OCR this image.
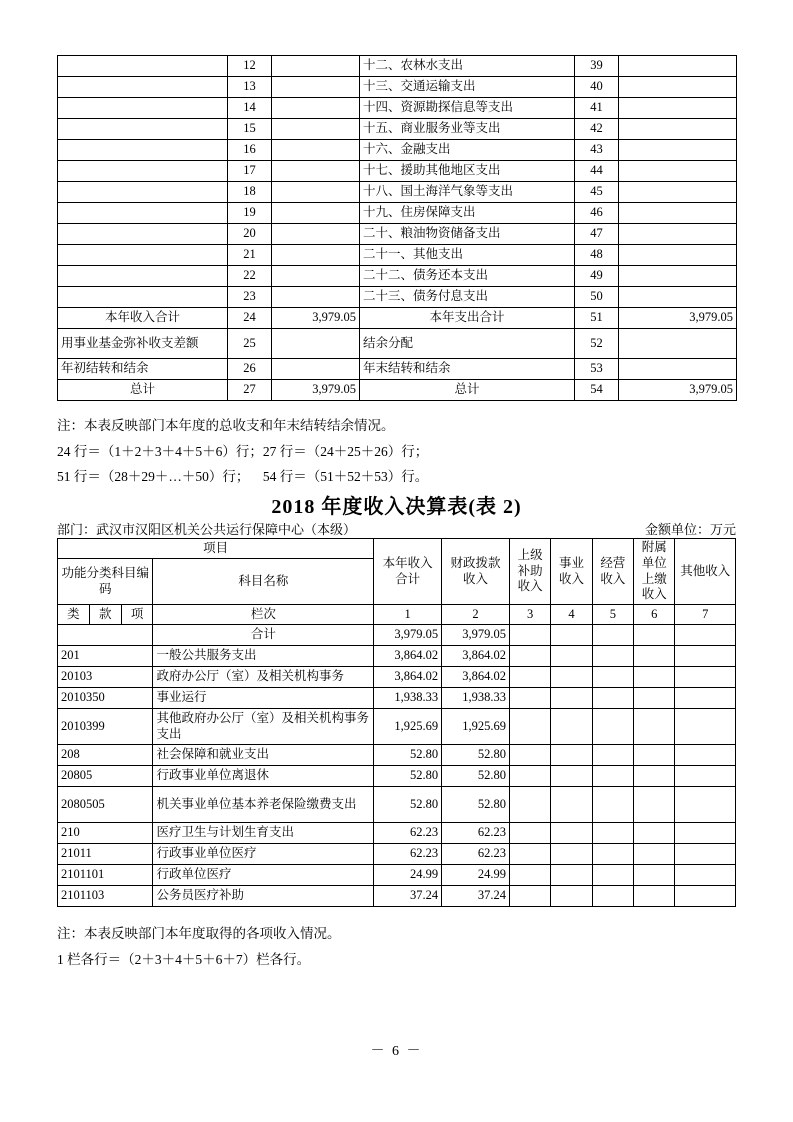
	12		十二、农林水支出	39	
	13		十三、交通运输支出	40	
	14		十四、资源勘探信息等支出	41	
	15		十五、商业服务业等支出	42	
	16		十六、金融支出	43	
	17		十七、援助其他地区支出	44	
	18		十八、国土海洋气象等支出	45	
	19		十九、住房保障支出	46	
	20		二十、粮油物资储备支出	47	
	21		二十一、其他支出	48	
	22		二十二、债务还本支出	49	
	23		二十三、债务付息支出	50	
本年收入合计	24	3,979.05	本年支出合计	51	3,979.05
用事业基金弥补收支差额	25		结余分配	52	
年初结转和结余	26		年末结转和结余	53	
总计	27	3,979.05	总计	54	3,979.05
注：本表反映部门本年度的总收支和年末结转结余情况。
24 行＝（1＋2＋3＋4＋5＋6）行；27 行＝（24＋25＋26）行；
51 行＝（28＋29＋…＋50）行；    54 行＝（51＋52＋53）行。
2018 年度收入决算表(表 2)
部门：武汉市汉阳区机关公共运行保障中心（本级）	金额单位：万元
项目				本年收入合计	财政拨款收入	上级补助收入	事业收入	经营收入	附属单位上缴收入	其他收入
功能分类科目编码			科目名称							
类	款	项	栏次	1	2	3	4	5	6	7
			合计	3,979.05	3,979.05					
201			一般公共服务支出	3,864.02	3,864.02					
20103			政府办公厅（室）及相关机构事务	3,864.02	3,864.02					
2010350			事业运行	1,938.33	1,938.33					
2010399			其他政府办公厅（室）及相关机构事务支出	1,925.69	1,925.69					
208			社会保障和就业支出	52.80	52.80					
20805			行政事业单位离退休	52.80	52.80					
2080505			机关事业单位基本养老保险缴费支出	52.80	52.80					
210			医疗卫生与计划生育支出	62.23	62.23					
21011			行政事业单位医疗	62.23	62.23					
2101101			行政单位医疗	24.99	24.99					
2101103			公务员医疗补助	37.24	37.24					
注：本表反映部门本年度取得的各项收入情况。
1 栏各行＝（2＋3＋4＋5＋6＋7）栏各行。
－ 6 －
